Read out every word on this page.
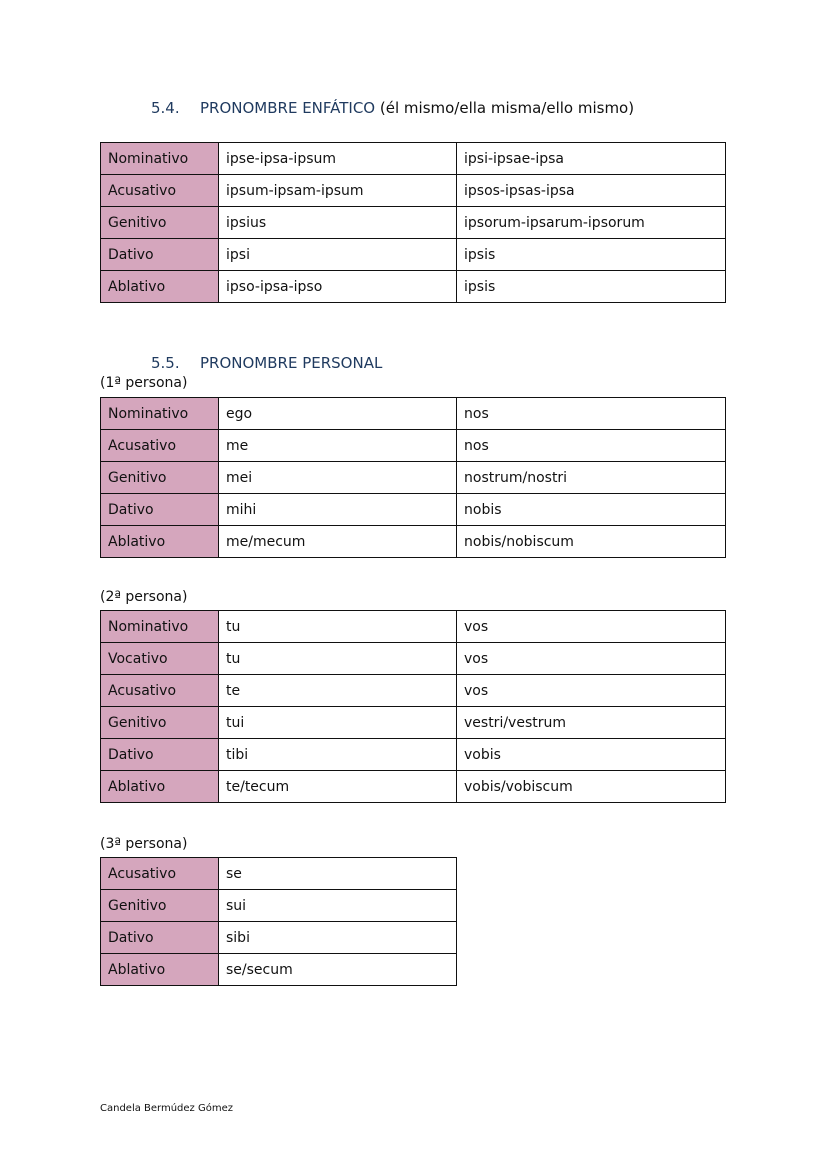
5.4. PRONOMBRE ENFÁTICO (él mismo/ella misma/ello mismo)
Nominativo	ipse-ipsa-ipsum	ipsi-ipsae-ipsa
Acusativo	ipsum-ipsam-ipsum	ipsos-ipsas-ipsa
Genitivo	ipsius	ipsorum-ipsarum-ipsorum
Dativo	ipsi	ipsis
Ablativo	ipso-ipsa-ipso	ipsis
5.5. PRONOMBRE PERSONAL
(1ª persona)
Nominativo	ego	nos
Acusativo	me	nos
Genitivo	mei	nostrum/nostri
Dativo	mihi	nobis
Ablativo	me/mecum	nobis/nobiscum
(2ª persona)
Nominativo	tu	vos
Vocativo	tu	vos
Acusativo	te	vos
Genitivo	tui	vestri/vestrum
Dativo	tibi	vobis
Ablativo	te/tecum	vobis/vobiscum
(3ª persona)
Acusativo	se
Genitivo	sui
Dativo	sibi
Ablativo	se/secum
Candela Bermúdez Gómez
